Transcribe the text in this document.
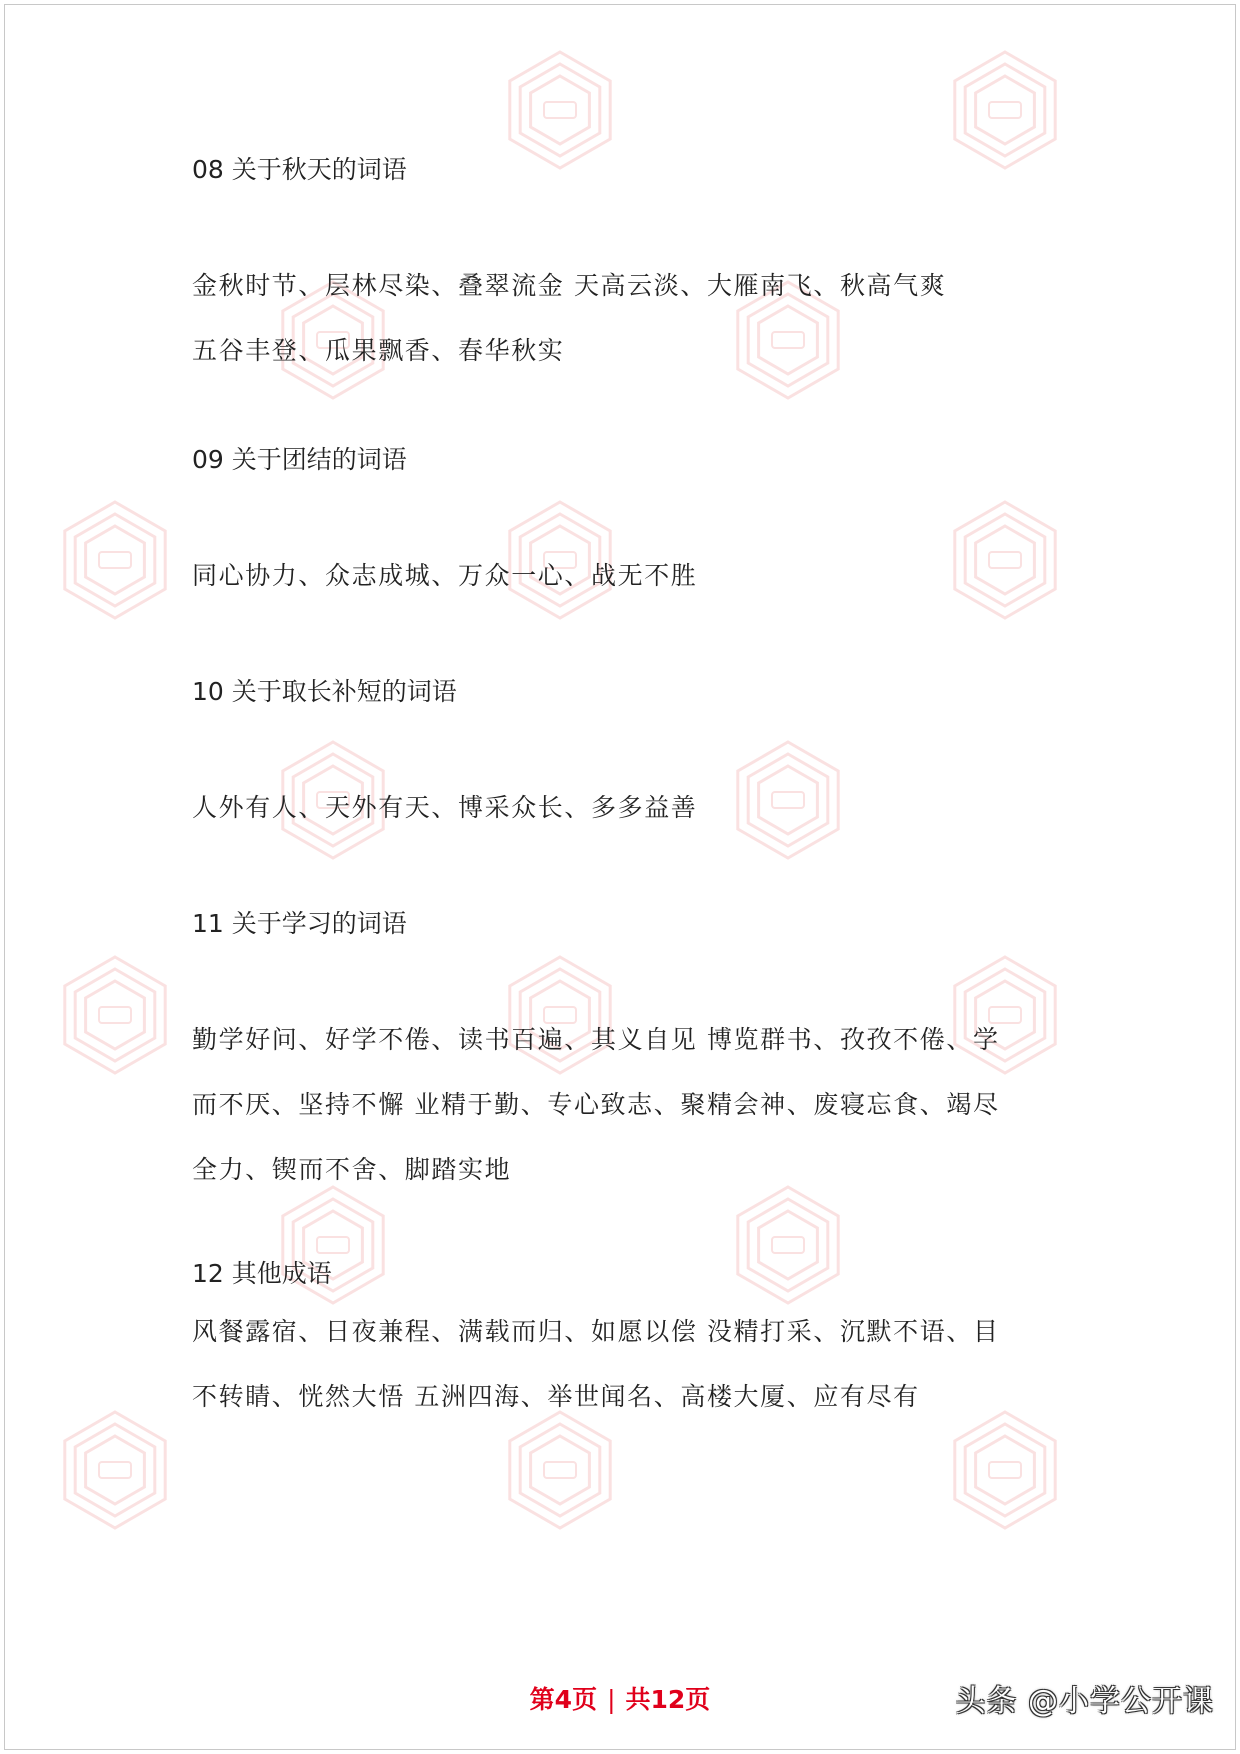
08 关于秋天的词语

金秋时节、层林尽染、叠翠流金 天高云淡、大雁南飞、秋高气爽

五谷丰登、瓜果飘香、春华秋实

09 关于团结的词语

同心协力、众志成城、万众一心、战无不胜

10 关于取长补短的词语

人外有人、天外有天、博采众长、多多益善

11 关于学习的词语

勤学好问、好学不倦、读书百遍、其义自见 博览群书、孜孜不倦、学

而不厌、坚持不懈 业精于勤、专心致志、聚精会神、废寝忘食、竭尽

全力、锲而不舍、脚踏实地

12 其他成语

风餐露宿、日夜兼程、满载而归、如愿以偿 没精打采、沉默不语、目

不转睛、恍然大悟 五洲四海、举世闻名、高楼大厦、应有尽有

第4页 | 共12页	头条 @小学公开课
